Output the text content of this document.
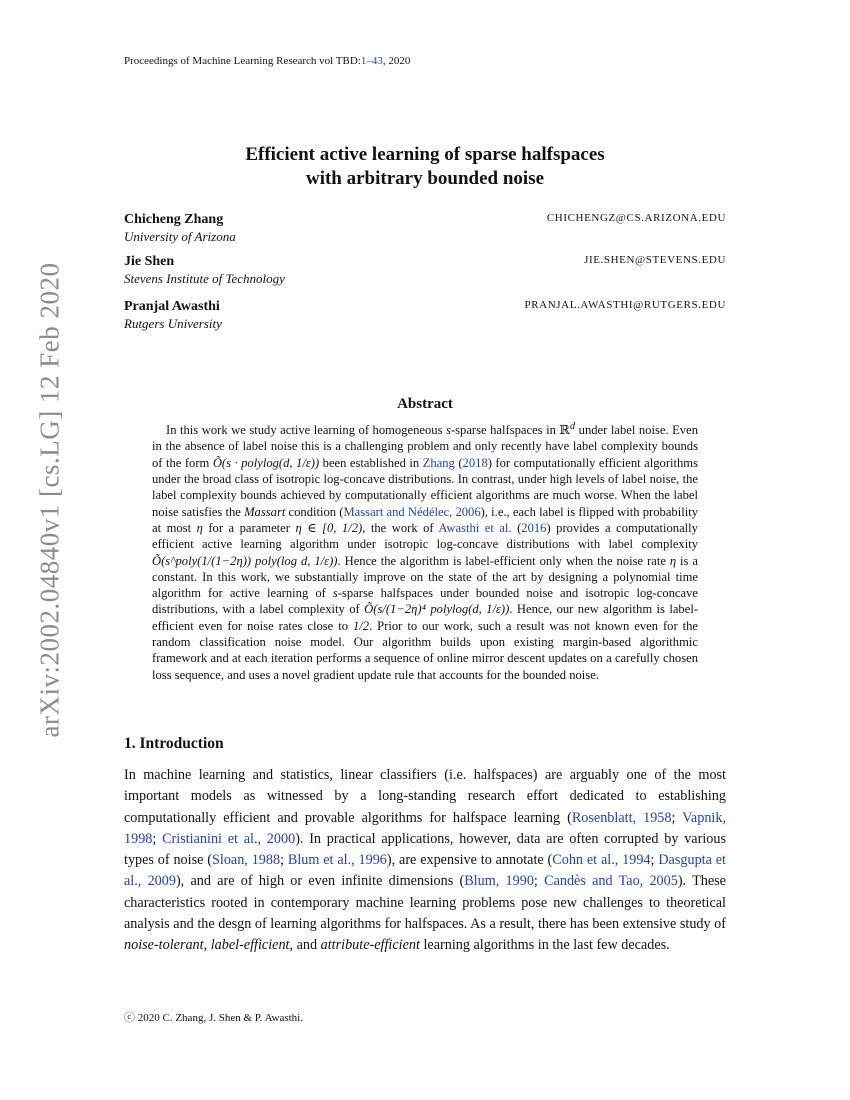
Proceedings of Machine Learning Research vol TBD:1–43, 2020
arXiv:2002.04840v1 [cs.LG] 12 Feb 2020
Efficient active learning of sparse halfspaces
with arbitrary bounded noise
Chicheng Zhang
University of Arizona
CHICHENGZ@CS.ARIZONA.EDU
Jie Shen
Stevens Institute of Technology
JIE.SHEN@STEVENS.EDU
Pranjal Awasthi
Rutgers University
PRANJAL.AWASTHI@RUTGERS.EDU
Abstract

In this work we study active learning of homogeneous s-sparse halfspaces in ℝ$^d$ under label noise. Even in the absence of label noise this is a challenging problem and only recently have label complexity bounds of the form Õ(s · polylog(d, 1/ε)) been established in Zhang (2018) for computationally efficient algorithms under the broad class of isotropic log-concave distributions. In contrast, under high levels of label noise, the label complexity bounds achieved by computationally efficient algorithms are much worse. When the label noise satisfies the Massart condition (Massart and Nédélec, 2006), i.e., each label is flipped with probability at most η for a parameter η ∈ [0, 1/2), the work of Awasthi et al. (2016) provides a computationally efficient active learning algorithm under isotropic log-concave distributions with label complexity Õ(s^poly(1/(1−2η)) poly(log d, 1/ε)). Hence the algorithm is label-efficient only when the noise rate η is a constant. In this work, we substantially improve on the state of the art by designing a polynomial time algorithm for active learning of s-sparse halfspaces under bounded noise and isotropic log-concave distributions, with a label complexity of Õ(s/(1−2η)⁴ polylog(d, 1/ε)). Hence, our new algorithm is label-efficient even for noise rates close to 1/2. Prior to our work, such a result was not known even for the random classification noise model. Our algorithm builds upon existing margin-based algorithmic framework and at each iteration performs a sequence of online mirror descent updates on a carefully chosen loss sequence, and uses a novel gradient update rule that accounts for the bounded noise.

1. Introduction

In machine learning and statistics, linear classifiers (i.e. halfspaces) are arguably one of the most important models as witnessed by a long-standing research effort dedicated to establishing computationally efficient and provable algorithms for halfspace learning (Rosenblatt, 1958; Vapnik, 1998; Cristianini et al., 2000). In practical applications, however, data are often corrupted by various types of noise (Sloan, 1988; Blum et al., 1996), are expensive to annotate (Cohn et al., 1994; Dasgupta et al., 2009), and are of high or even infinite dimensions (Blum, 1990; Candès and Tao, 2005). These characteristics rooted in contemporary machine learning problems pose new challenges to theoretical analysis and the desgn of learning algorithms for halfspaces. As a result, there has been extensive study of noise-tolerant, label-efficient, and attribute-efficient learning algorithms in the last few decades.

ⓒ 2020 C. Zhang, J. Shen & P. Awasthi.
